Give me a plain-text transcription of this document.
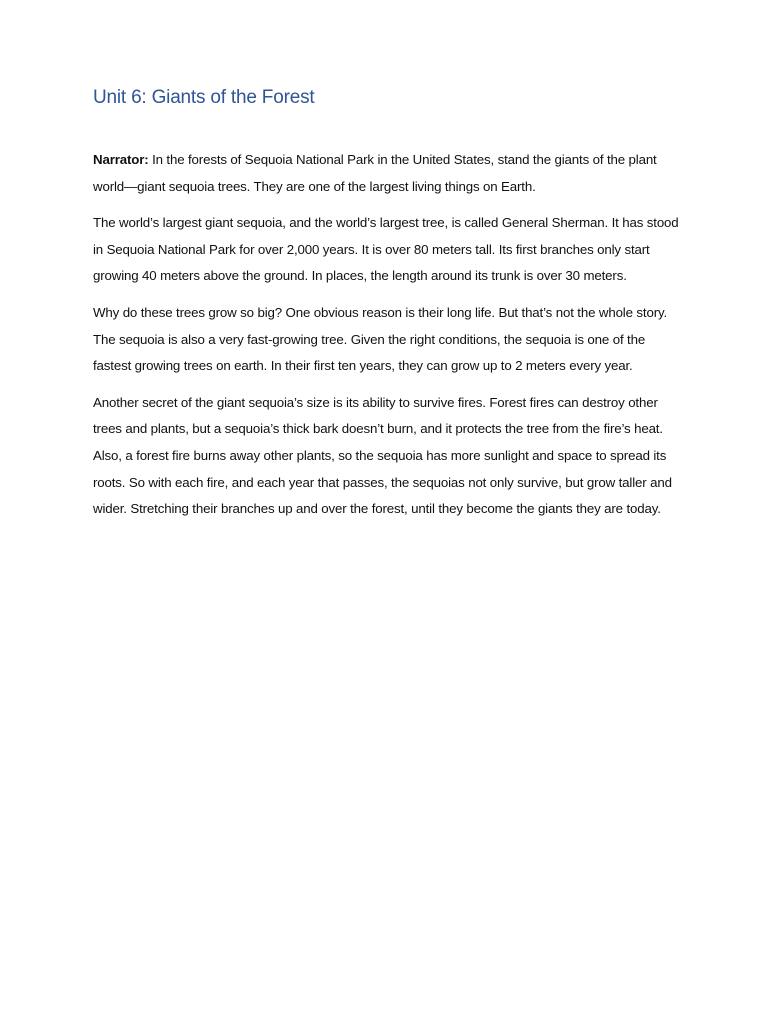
Unit 6: Giants of the Forest

Narrator: In the forests of Sequoia National Park in the United States, stand the giants of the plant world—giant sequoia trees. They are one of the largest living things on Earth.

The world’s largest giant sequoia, and the world’s largest tree, is called General Sherman. It has stood in Sequoia National Park for over 2,000 years. It is over 80 meters tall. Its first branches only start growing 40 meters above the ground. In places, the length around its trunk is over 30 meters.

Why do these trees grow so big? One obvious reason is their long life. But that’s not the whole story. The sequoia is also a very fast-growing tree. Given the right conditions, the sequoia is one of the fastest growing trees on earth. In their first ten years, they can grow up to 2 meters every year.

Another secret of the giant sequoia’s size is its ability to survive fires. Forest fires can destroy other trees and plants, but a sequoia’s thick bark doesn’t burn, and it protects the tree from the fire’s heat. Also, a forest fire burns away other plants, so the sequoia has more sunlight and space to spread its roots. So with each fire, and each year that passes, the sequoias not only survive, but grow taller and wider. Stretching their branches up and over the forest, until they become the giants they are today.
